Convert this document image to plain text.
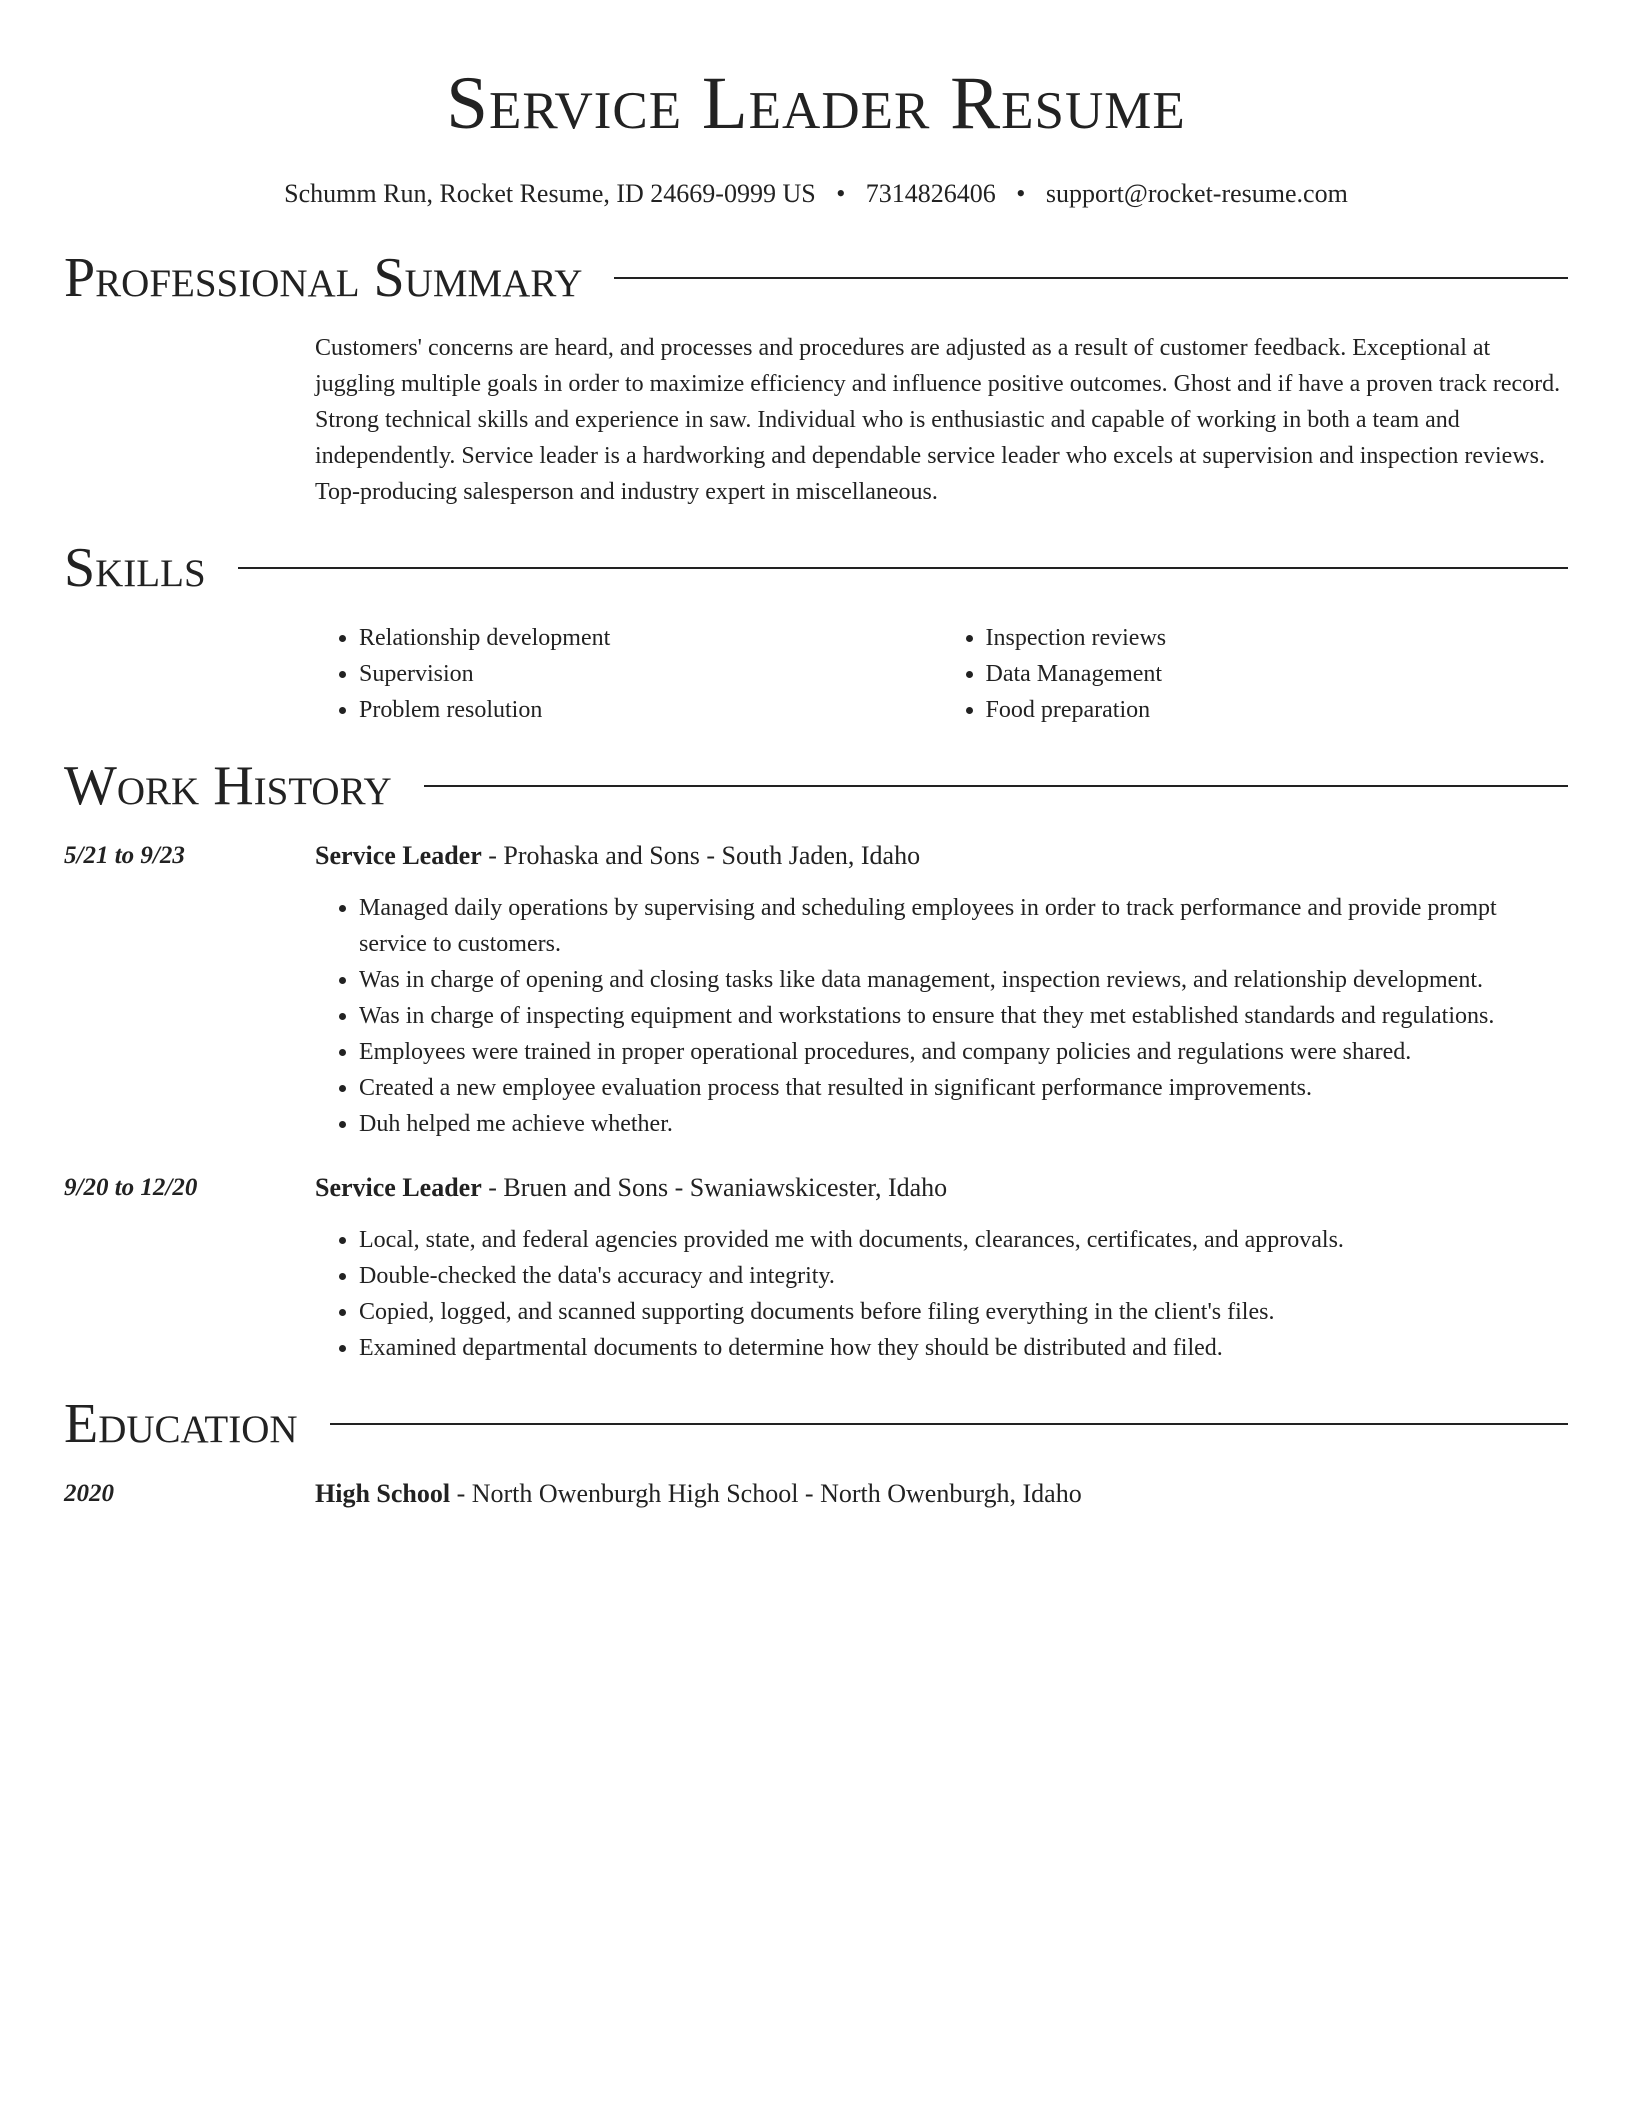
Service Leader Resume
Schumm Run, Rocket Resume, ID 24669-0999 US • 7314826406 • support@rocket-resume.com
Professional Summary
Customers' concerns are heard, and processes and procedures are adjusted as a result of customer feedback. Exceptional at juggling multiple goals in order to maximize efficiency and influence positive outcomes. Ghost and if have a proven track record. Strong technical skills and experience in saw. Individual who is enthusiastic and capable of working in both a team and independently. Service leader is a hardworking and dependable service leader who excels at supervision and inspection reviews. Top-producing salesperson and industry expert in miscellaneous.
Skills
• Relationship development
• Supervision
• Problem resolution
• Inspection reviews
• Data Management
• Food preparation
Work History
5/21 to 9/23	Service Leader - Prohaska and Sons - South Jaden, Idaho
• Managed daily operations by supervising and scheduling employees in order to track performance and provide prompt service to customers.
• Was in charge of opening and closing tasks like data management, inspection reviews, and relationship development.
• Was in charge of inspecting equipment and workstations to ensure that they met established standards and regulations.
• Employees were trained in proper operational procedures, and company policies and regulations were shared.
• Created a new employee evaluation process that resulted in significant performance improvements.
• Duh helped me achieve whether.
9/20 to 12/20	Service Leader - Bruen and Sons - Swaniawskicester, Idaho
• Local, state, and federal agencies provided me with documents, clearances, certificates, and approvals.
• Double-checked the data's accuracy and integrity.
• Copied, logged, and scanned supporting documents before filing everything in the client's files.
• Examined departmental documents to determine how they should be distributed and filed.
Education
2020	High School - North Owenburgh High School - North Owenburgh, Idaho
